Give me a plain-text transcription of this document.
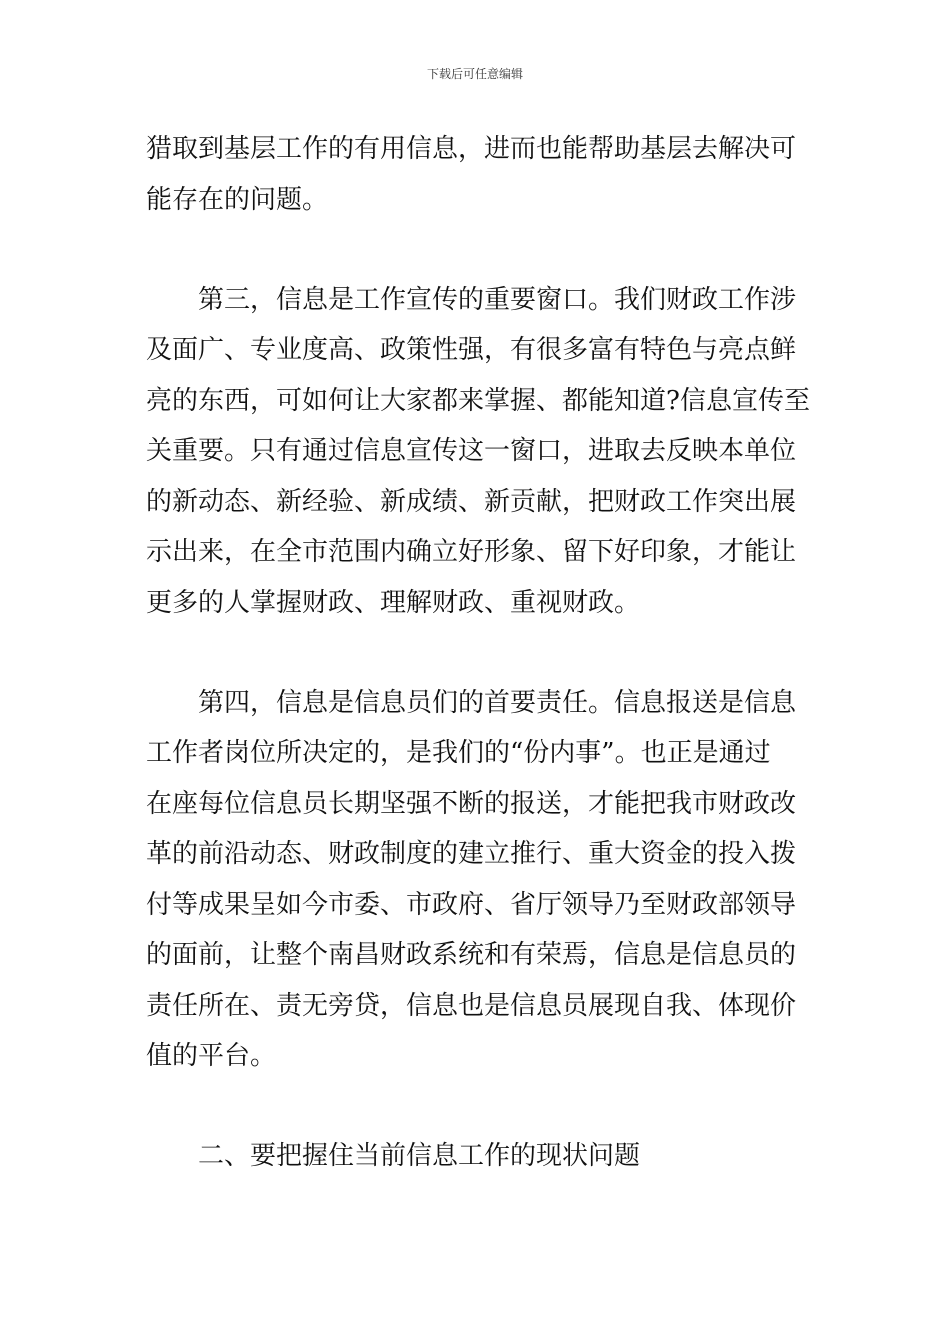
下载后可任意编辑
猎取到基层工作的有用信息，进而也能帮助基层去解决可
能存在的问题。
第三，信息是工作宣传的重要窗口。我们财政工作涉
及面广、专业度高、政策性强，有很多富有特色与亮点鲜
亮的东西，可如何让大家都来掌握、都能知道?信息宣传至
关重要。只有通过信息宣传这一窗口，进取去反映本单位
的新动态、新经验、新成绩、新贡献，把财政工作突出展
示出来，在全市范围内确立好形象、留下好印象，才能让
更多的人掌握财政、理解财政、重视财政。
第四，信息是信息员们的首要责任。信息报送是信息
工作者岗位所决定的，是我们的“份内事”。也正是通过
在座每位信息员长期坚强不断的报送，才能把我市财政改
革的前沿动态、财政制度的建立推行、重大资金的投入拨
付等成果呈如今市委、市政府、省厅领导乃至财政部领导
的面前，让整个南昌财政系统和有荣焉，信息是信息员的
责任所在、责无旁贷，信息也是信息员展现自我、体现价
值的平台。
二、要把握住当前信息工作的现状问题
